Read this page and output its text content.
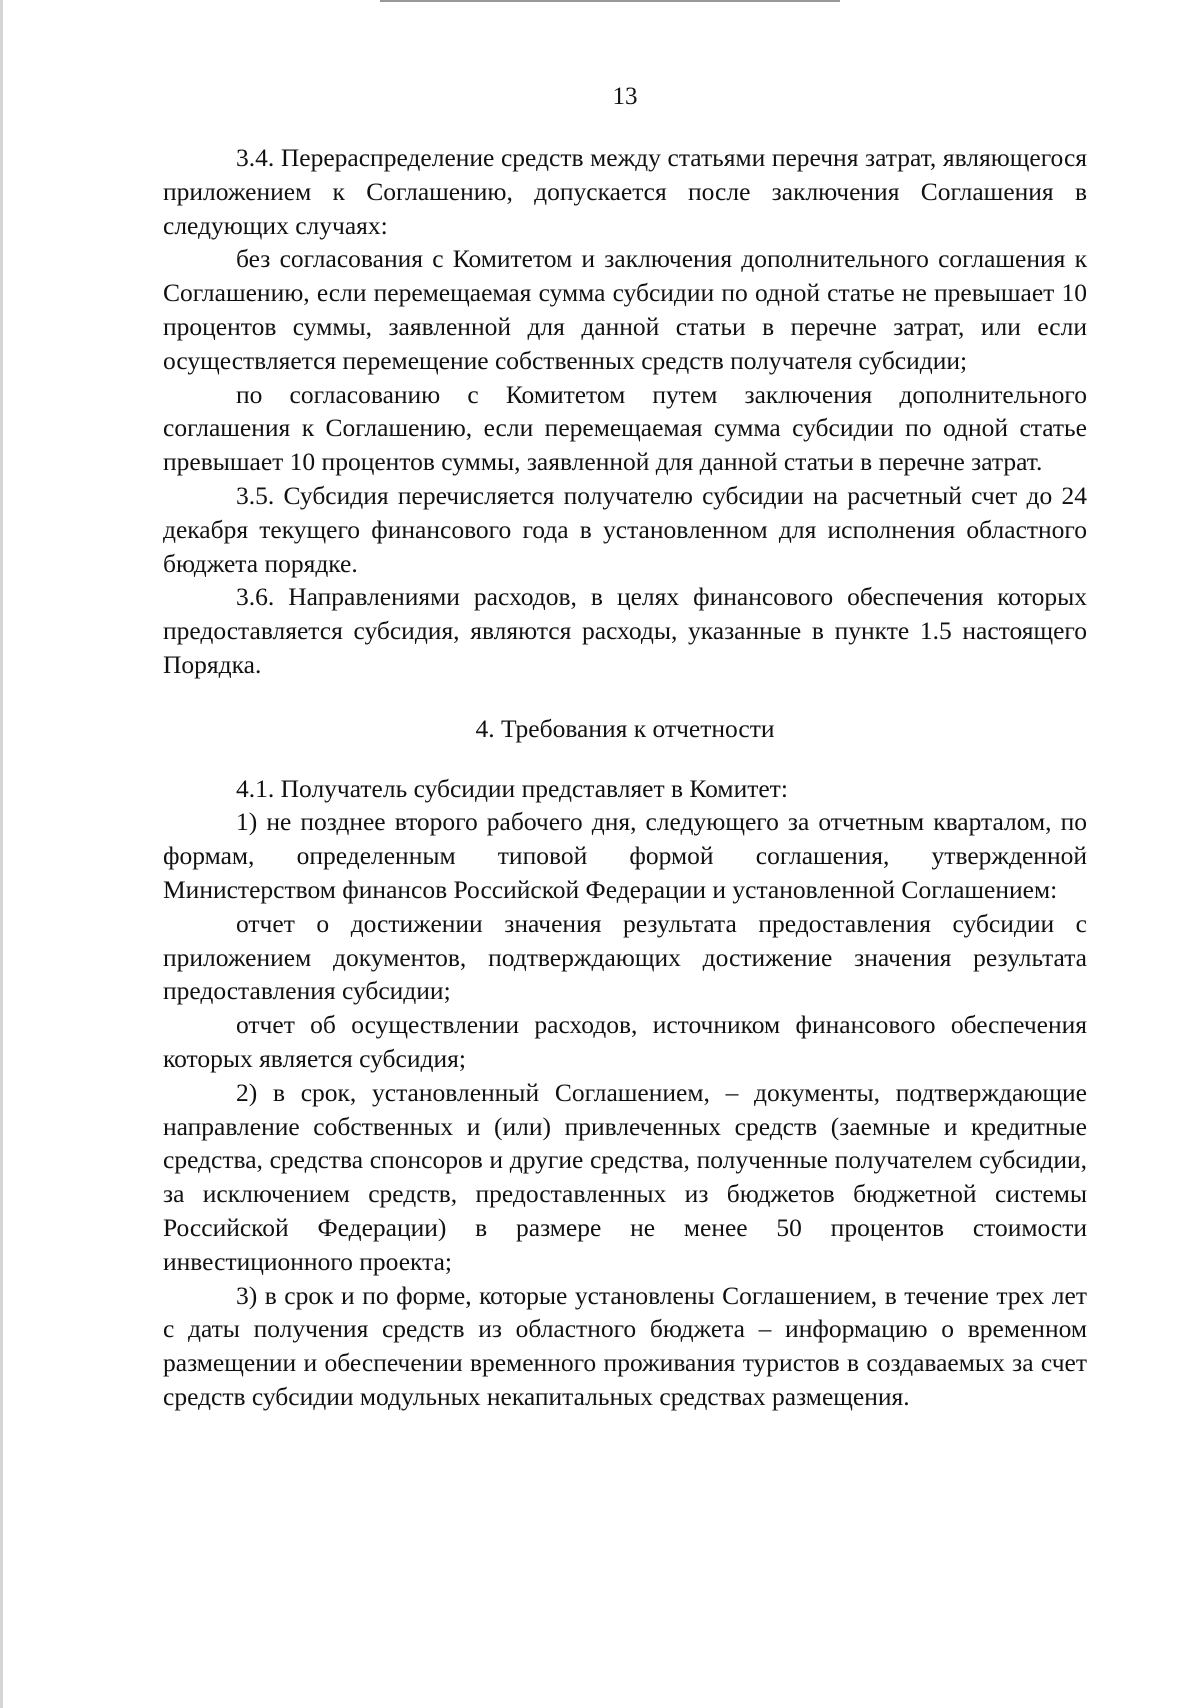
13

3.4. Перераспределение средств между статьями перечня затрат, являющегося приложением к Соглашению, допускается после заключения Соглашения в следующих случаях:

без согласования с Комитетом и заключения дополнительного соглашения к Соглашению, если перемещаемая сумма субсидии по одной статье не превышает 10 процентов суммы, заявленной для данной статьи в перечне затрат, или если осуществляется перемещение собственных средств получателя субсидии;

по согласованию с Комитетом путем заключения дополнительного соглашения к Соглашению, если перемещаемая сумма субсидии по одной статье превышает 10 процентов суммы, заявленной для данной статьи в перечне затрат.

3.5. Субсидия перечисляется получателю субсидии на расчетный счет до 24 декабря текущего финансового года в установленном для исполнения областного бюджета порядке.

3.6. Направлениями расходов, в целях финансового обеспечения которых предоставляется субсидия, являются расходы, указанные в пункте 1.5 настоящего Порядка.

4. Требования к отчетности

4.1. Получатель субсидии представляет в Комитет:

1) не позднее второго рабочего дня, следующего за отчетным кварталом, по формам, определенным типовой формой соглашения, утвержденной Министерством финансов Российской Федерации и установленной Соглашением:

отчет о достижении значения результата предоставления субсидии с приложением документов, подтверждающих достижение значения результата предоставления субсидии;

отчет об осуществлении расходов, источником финансового обеспечения которых является субсидия;

2) в срок, установленный Соглашением, – документы, подтверждающие направление собственных и (или) привлеченных средств (заемные и кредитные средства, средства спонсоров и другие средства, полученные получателем субсидии, за исключением средств, предоставленных из бюджетов бюджетной системы Российской Федерации) в размере не менее 50 процентов стоимости инвестиционного проекта;

3) в срок и по форме, которые установлены Соглашением, в течение трех лет с даты получения средств из областного бюджета – информацию о временном размещении и обеспечении временного проживания туристов в создаваемых за счет средств субсидии модульных некапитальных средствах размещения.
